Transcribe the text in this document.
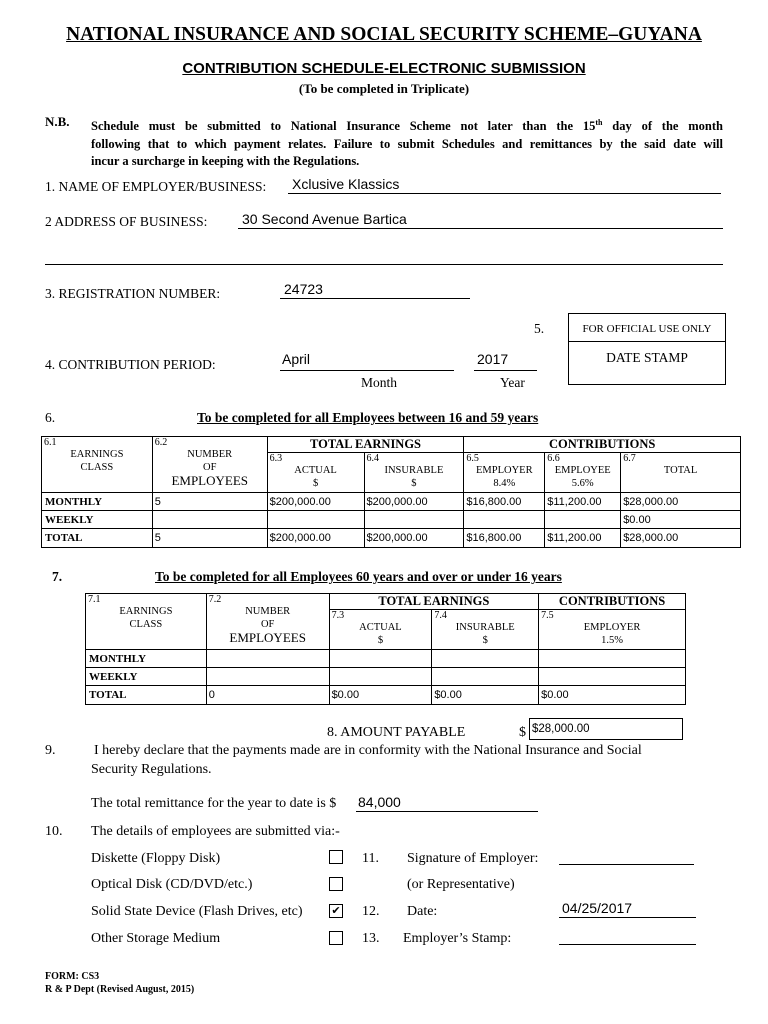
NATIONAL INSURANCE AND SOCIAL SECURITY SCHEME–GUYANA
CONTRIBUTION SCHEDULE-ELECTRONIC SUBMISSION
(To be completed in Triplicate)
N.B. Schedule must be submitted to National Insurance Scheme not later than the 15th day of the month
following that to which payment relates. Failure to submit Schedules and remittances by the said date will
incur a surcharge in keeping with the Regulations.
1. NAME OF EMPLOYER/BUSINESS: Xclusive Klassics
2 ADDRESS OF BUSINESS: 30 Second Avenue Bartica
3. REGISTRATION NUMBER:	24723
5.	FOR OFFICIAL USE ONLY
DATE STAMP
4. CONTRIBUTION PERIOD:	April	2017
Month	Year
6.	To be completed for all Employees between 16 and 59 years
6.1
EARNINGS
CLASS	6.2
NUMBER
OF
EMPLOYEES	TOTAL EARNINGS		CONTRIBUTIONS		

		6.3
ACTUAL
$	6.4
INSURABLE
$	6.5
EMPLOYER
8.4%	6.6
EMPLOYEE
5.6%	6.7
TOTAL

MONTHLY	5	$200,000.00	$200,000.00	$16,800.00	$11,200.00	$28,000.00
WEEKLY						$0.00
TOTAL	5	$200,000.00	$200,000.00	$16,800.00	$11,200.00	$28,000.00
7.	To be completed for all Employees 60 years and over or under 16 years
7.1
EARNINGS
CLASS	7.2
NUMBER
OF
EMPLOYEES	TOTAL EARNINGS		CONTRIBUTIONS

		7.3
ACTUAL
$	7.4
INSURABLE
$	7.5
EMPLOYER
1.5%

MONTHLY				
WEEKLY				
TOTAL	0	$0.00	$0.00	$0.00
8. AMOUNT PAYABLE	$ $28,000.00
9.	I hereby declare that the payments made are in conformity with the National Insurance and Social
Security Regulations.
The total remittance for the year to date is $ 84,000
10. The details of employees are submitted via:-
Diskette (Floppy Disk)
Optical Disk (CD/DVD/etc.)
Solid State Device (Flash Drives, etc)	✔
Other Storage Medium
11. Signature of Employer:
(or Representative)
12. Date:	04/25/2017
13. Employer’s Stamp:
FORM: CS3
R & P Dept (Revised August, 2015)
